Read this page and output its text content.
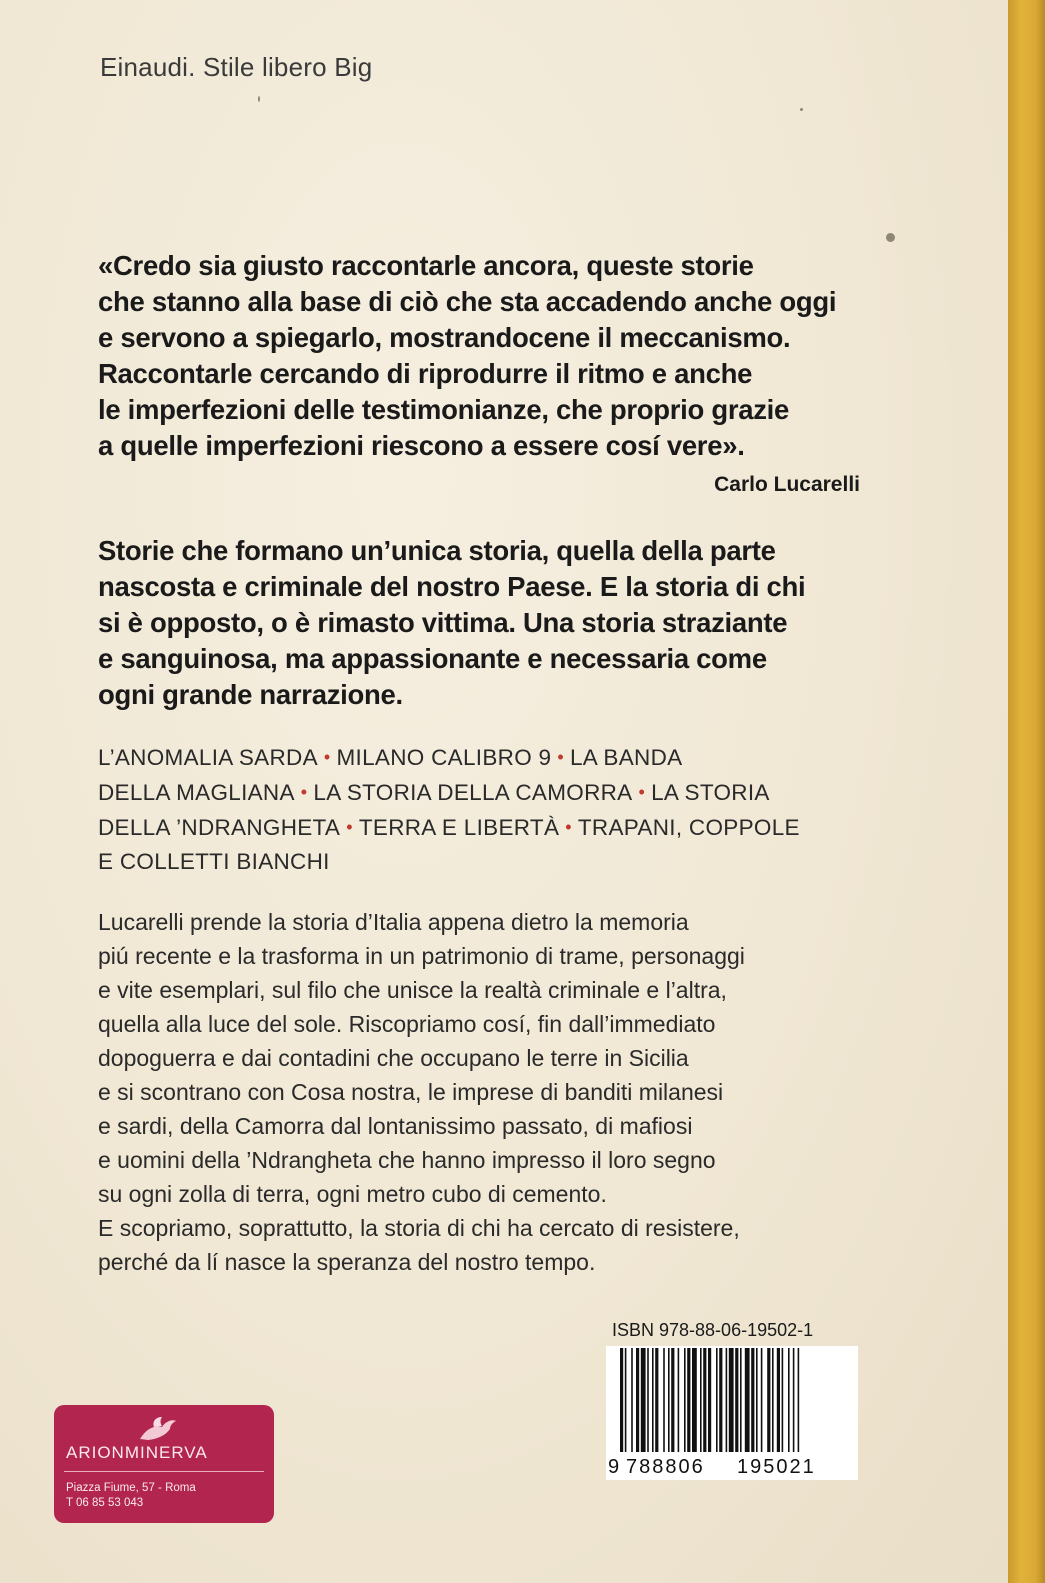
Einaudi. Stile libero Big
«Credo sia giusto raccontarle ancora, queste storie
che stanno alla base di ciò che sta accadendo anche oggi
e servono a spiegarlo, mostrandocene il meccanismo.
Raccontarle cercando di riprodurre il ritmo e anche
le imperfezioni delle testimonianze, che proprio grazie
a quelle imperfezioni riescono a essere cosí vere».
Carlo Lucarelli
Storie che formano un’unica storia, quella della parte
nascosta e criminale del nostro Paese. E la storia di chi
si è opposto, o è rimasto vittima. Una storia straziante
e sanguinosa, ma appassionante e necessaria come
ogni grande narrazione.
L’ANOMALIA SARDA • MILANO CALIBRO 9 • LA BANDA
DELLA MAGLIANA • LA STORIA DELLA CAMORRA • LA STORIA
DELLA ’NDRANGHETA • TERRA E LIBERTÀ • TRAPANI, COPPOLE
E COLLETTI BIANCHI
Lucarelli prende la storia d’Italia appena dietro la memoria
piú recente e la trasforma in un patrimonio di trame, personaggi
e vite esemplari, sul filo che unisce la realtà criminale e l’altra,
quella alla luce del sole. Riscopriamo cosí, fin dall’immediato
dopoguerra e dai contadini che occupano le terre in Sicilia
e si scontrano con Cosa nostra, le imprese di banditi milanesi
e sardi, della Camorra dal lontanissimo passato, di mafiosi
e uomini della ’Ndrangheta che hanno impresso il loro segno
su ogni zolla di terra, ogni metro cubo di cemento.
E scopriamo, soprattutto, la storia di chi ha cercato di resistere,
perché da lí nasce la speranza del nostro tempo.
ISBN 978-88-06-19502-1
9 788806 195021
ARIONMINERVA
Piazza Fiume, 57 - Roma
T 06 85 53 043
